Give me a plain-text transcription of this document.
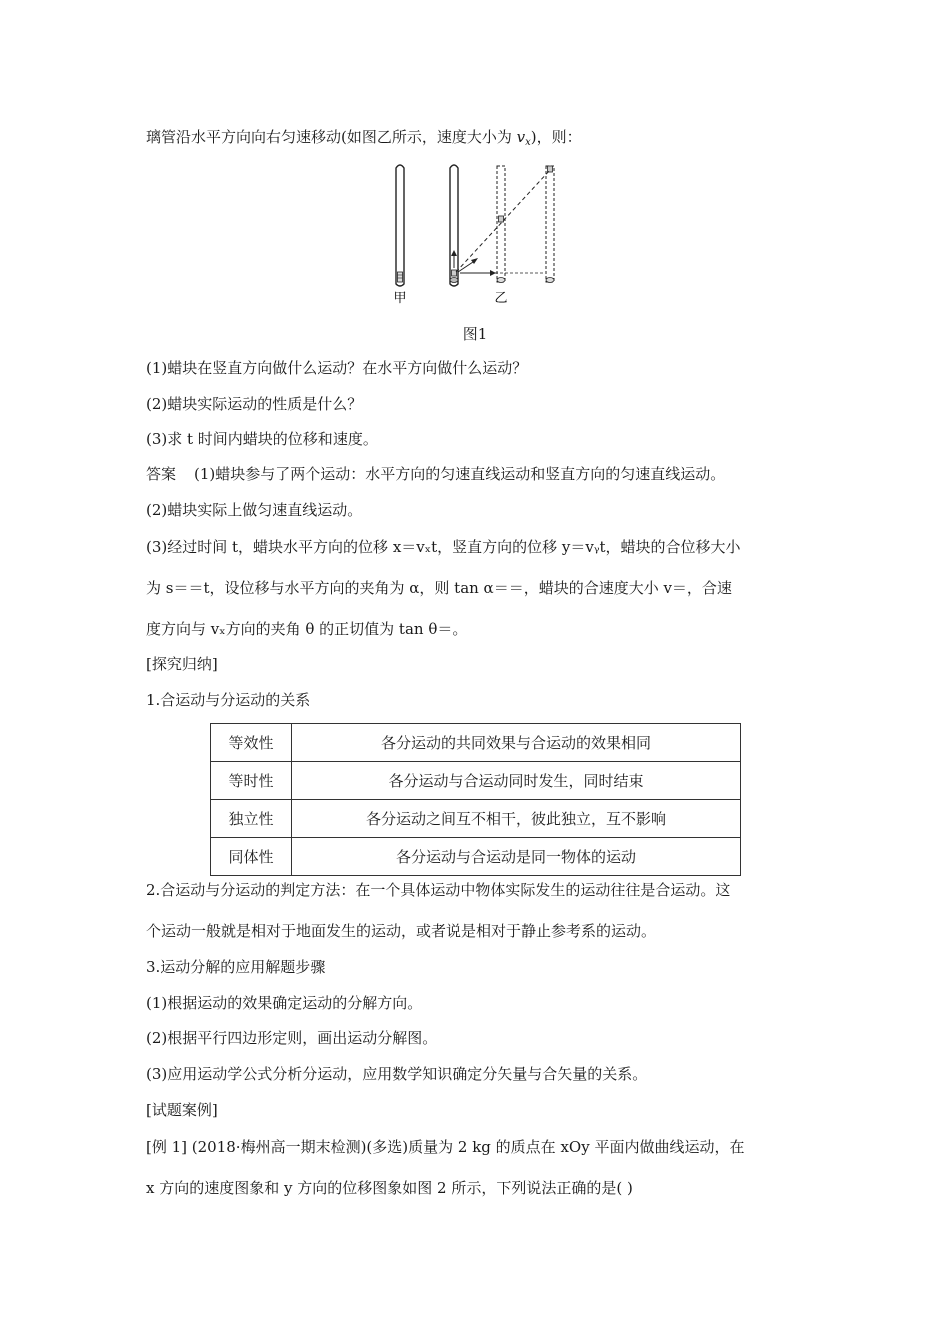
璃管沿水平方向向右匀速移动(如图乙所示，速度大小为 $v_x$)，则：
甲	乙
图1
(1)蜡块在竖直方向做什么运动？在水平方向做什么运动？
(2)蜡块实际运动的性质是什么？
(3)求 t 时间内蜡块的位移和速度。
答案 (1)蜡块参与了两个运动：水平方向的匀速直线运动和竖直方向的匀速直线运动。
(2)蜡块实际上做匀速直线运动。
(3)经过时间 t，蜡块水平方向的位移 x＝vₓt，竖直方向的位移 y＝vᵧt，蜡块的合位移大小
为 s＝＝t，设位移与水平方向的夹角为 α，则 tan α＝＝，蜡块的合速度大小 v＝，合速
度方向与 vₓ方向的夹角 θ 的正切值为 tan θ＝。
[探究归纳]
1.合运动与分运动的关系
等效性	各分运动的共同效果与合运动的效果相同
等时性	各分运动与合运动同时发生，同时结束
独立性	各分运动之间互不相干，彼此独立，互不影响
同体性	各分运动与合运动是同一物体的运动
2.合运动与分运动的判定方法：在一个具体运动中物体实际发生的运动往往是合运动。这
个运动一般就是相对于地面发生的运动，或者说是相对于静止参考系的运动。
3.运动分解的应用解题步骤
(1)根据运动的效果确定运动的分解方向。
(2)根据平行四边形定则，画出运动分解图。
(3)应用运动学公式分析分运动，应用数学知识确定分矢量与合矢量的关系。
[试题案例]
[例 1] (2018·梅州高一期末检测)(多选)质量为 2 kg 的质点在 xOy 平面内做曲线运动，在
x 方向的速度图象和 y 方向的位移图象如图 2 所示，下列说法正确的是( )
